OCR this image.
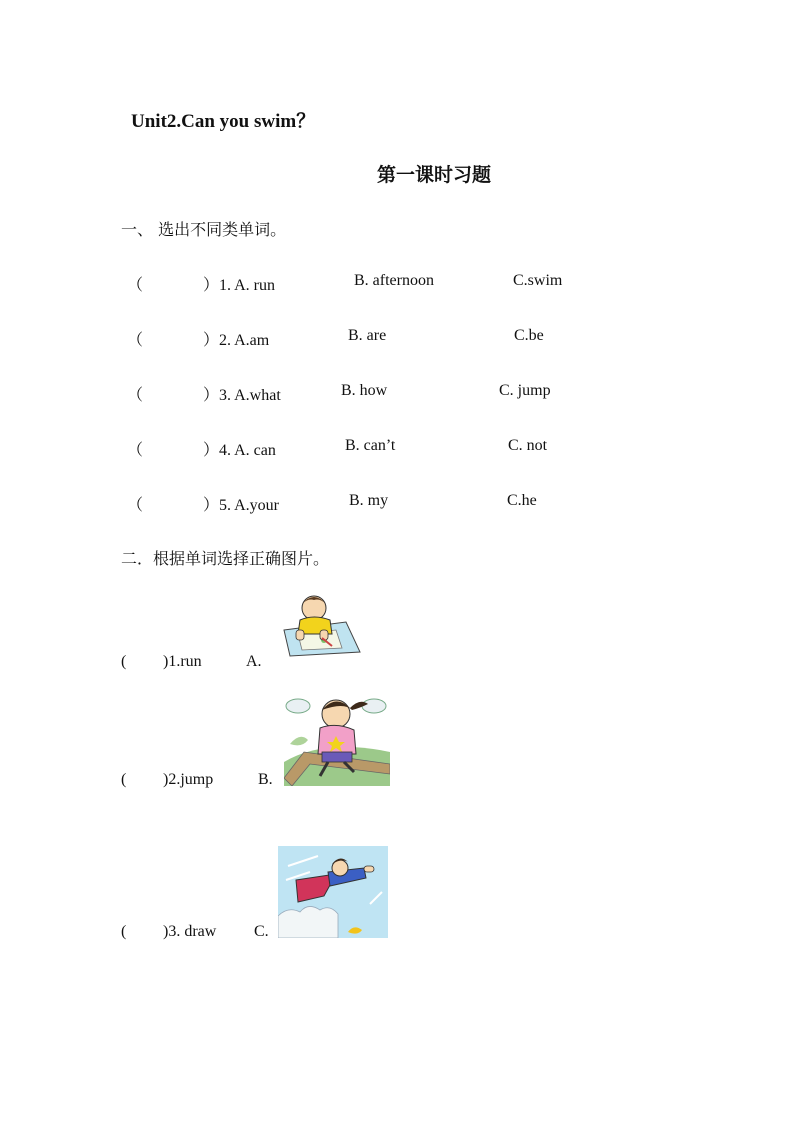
Unit2.Can you swim？
第一课时习题
一、 选出不同类单词。
（	）1. A. run	B. afternoon	C.swim
（	）2. A.am	B. are	C.be
（	）3. A.what	B. how	C. jump
（	）4. A. can	B. can’t	C. not
（	）5. A.your	B. my	C.he
二．根据单词选择正确图片。
( )1.run	A.
( )2.jump	B.
( )3. draw C.
